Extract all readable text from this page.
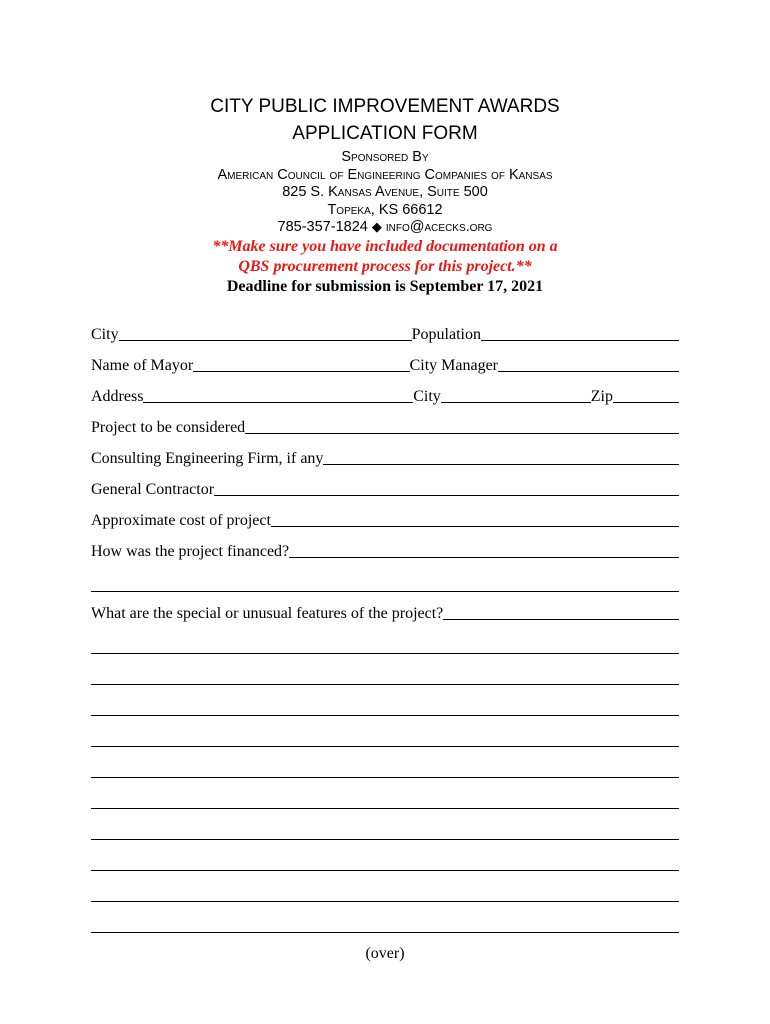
CITY PUBLIC IMPROVEMENT AWARDS
APPLICATION FORM
Sponsored By
American Council of Engineering Companies of Kansas
825 S. Kansas Avenue, Suite 500
Topeka, KS 66612
785-357-1824 ◆ info@acecks.org
**Make sure you have included documentation on a
QBS procurement process for this project.**
Deadline for submission is September 17, 2021
City	Population
Name of Mayor	City Manager
Address	City	Zip
Project to be considered
Consulting Engineering Firm, if any
General Contractor
Approximate cost of project
How was the project financed?
What are the special or unusual features of the project?
(over)
